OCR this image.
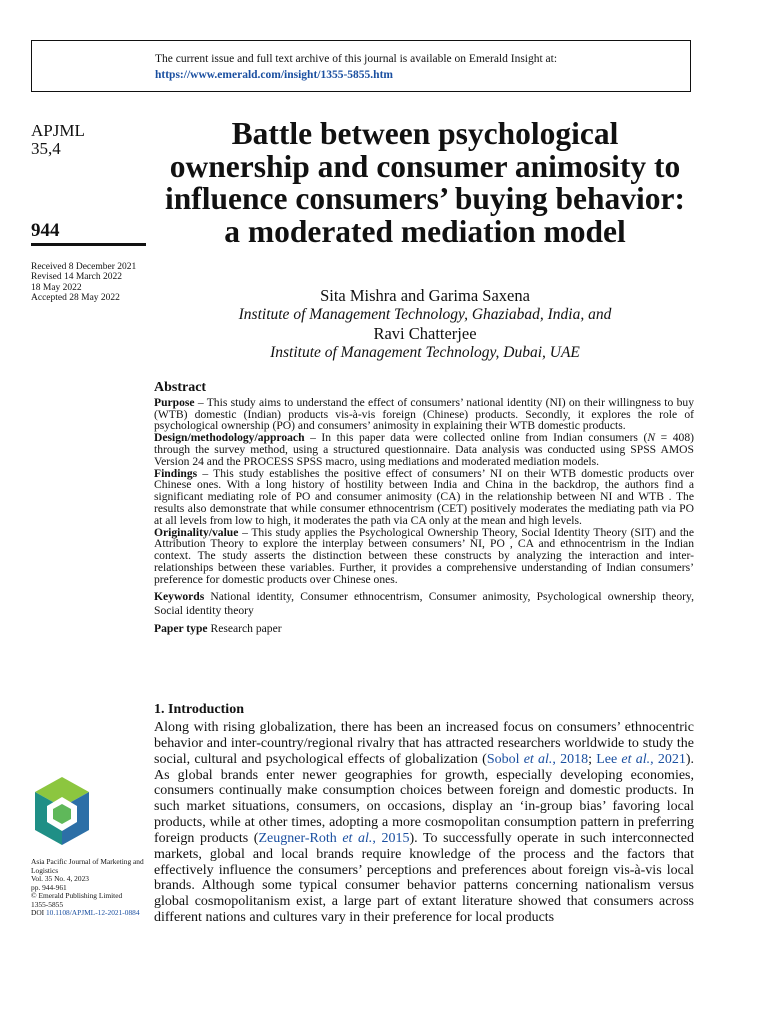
The current issue and full text archive of this journal is available on Emerald Insight at:
https://www.emerald.com/insight/1355-5855.htm
APJML
35,4
944
Received 8 December 2021
Revised 14 March 2022
18 May 2022
Accepted 28 May 2022
Battle between psychological ownership and consumer animosity to influence consumers’ buying behavior: a moderated mediation model
Sita Mishra and Garima Saxena
Institute of Management Technology, Ghaziabad, India, and
Ravi Chatterjee
Institute of Management Technology, Dubai, UAE
Abstract

Purpose – This study aims to understand the effect of consumers’ national identity (NI) on their willingness to buy (WTB) domestic (Indian) products vis-à-vis foreign (Chinese) products. Secondly, it explores the role of psychological ownership (PO) and consumers’ animosity in explaining their WTB domestic products.

Design/methodology/approach – In this paper data were collected online from Indian consumers (N = 408) through the survey method, using a structured questionnaire. Data analysis was conducted using SPSS AMOS Version 24 and the PROCESS SPSS macro, using mediations and moderated mediation models.

Findings – This study establishes the positive effect of consumers’ NI on their WTB domestic products over Chinese ones. With a long history of hostility between India and China in the backdrop, the authors find a significant mediating role of PO and consumer animosity (CA) in the relationship between NI and WTB . The results also demonstrate that while consumer ethnocentrism (CET) positively moderates the mediating path via PO at all levels from low to high, it moderates the path via CA only at the mean and high levels.

Originality/value – This study applies the Psychological Ownership Theory, Social Identity Theory (SIT) and the Attribution Theory to explore the interplay between consumers’ NI, PO , CA and ethnocentrism in the Indian context. The study asserts the distinction between these constructs by analyzing the interaction and inter-relationships between these variables. Further, it provides a comprehensive understanding of Indian consumers’ preference for domestic products over Chinese ones.

Keywords National identity, Consumer ethnocentrism, Consumer animosity, Psychological ownership theory, Social identity theory

Paper type Research paper

1. Introduction

Along with rising globalization, there has been an increased focus on consumers’ ethnocentric behavior and inter-country/regional rivalry that has attracted researchers worldwide to study the social, cultural and psychological effects of globalization (Sobol et al., 2018; Lee et al., 2021). As global brands enter newer geographies for growth, especially developing economies, consumers continually make consumption choices between foreign and domestic products. In such market situations, consumers, on occasions, display an ‘in-group bias’ favoring local products, while at other times, adopting a more cosmopolitan consumption pattern in preferring foreign products (Zeugner-Roth et al., 2015). To successfully operate in such interconnected markets, global and local brands require knowledge of the process and the factors that effectively influence the consumers’ perceptions and preferences about foreign vis-à-vis local brands. Although some typical consumer behavior patterns concerning nationalism versus global cosmopolitanism exist, a large part of extant literature showed that consumers across different nations and cultures vary in their preference for local products

Asia Pacific Journal of Marketing and Logistics
Vol. 35 No. 4, 2023
pp. 944-961
© Emerald Publishing Limited
1355-5855
DOI 10.1108/APJML-12-2021-0884
